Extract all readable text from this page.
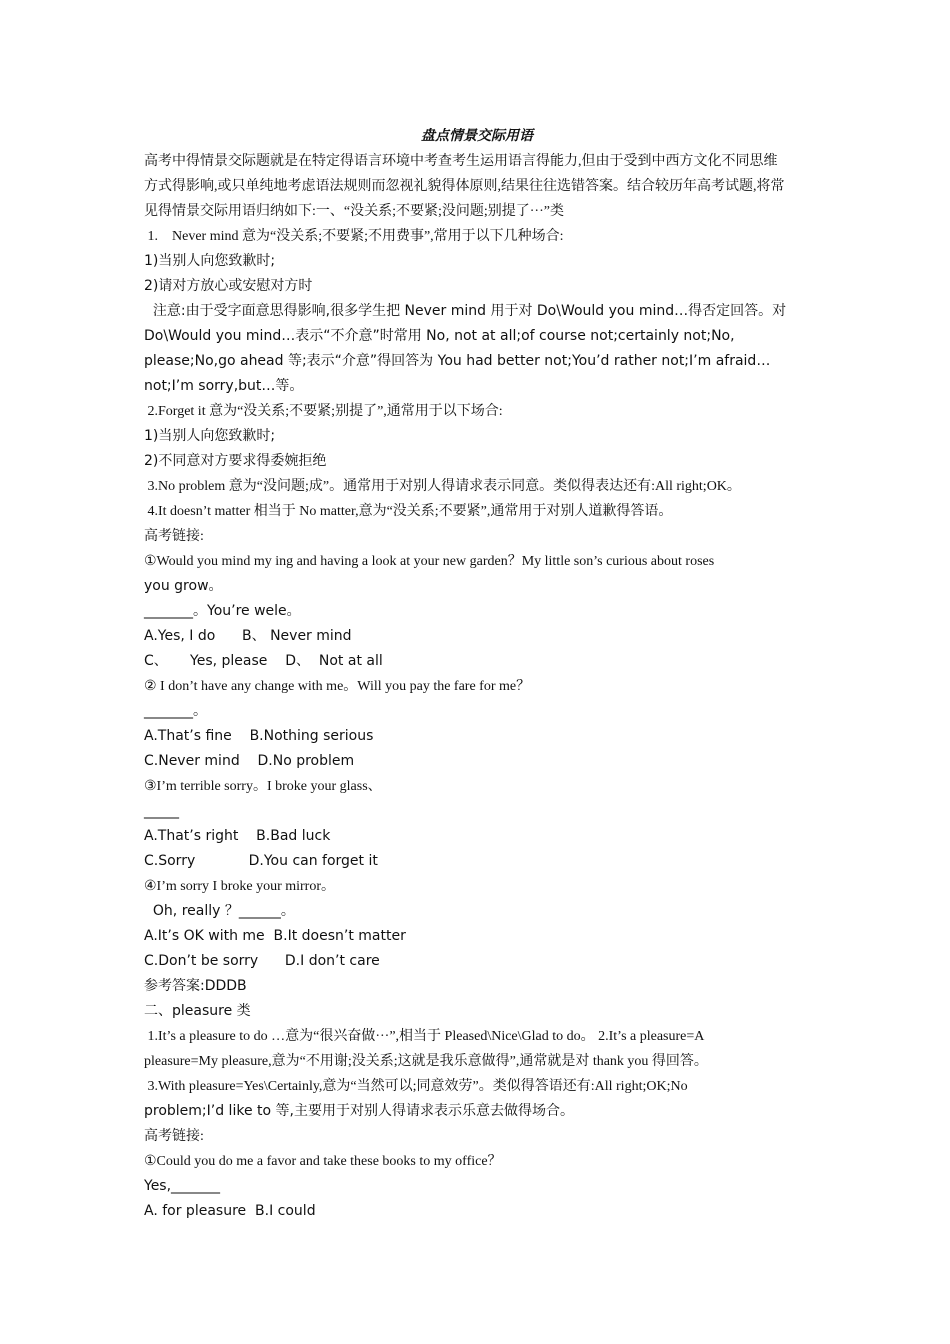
盘点情景交际用语
高考中得情景交际题就是在特定得语言环境中考查考生运用语言得能力,但由于受到中西方文化不同思维
方式得影响,或只单纯地考虑语法规则而忽视礼貌得体原则,结果往往选错答案。结合较历年高考试题,将常
见得情景交际用语归纳如下:一、“没关系;不要紧;没问题;别提了···”类
1.    Never mind 意为“没关系;不要紧;不用费事”,常用于以下几种场合:
1)当别人向您致歉时;
2)请对方放心或安慰对方时
注意:由于受字面意思得影响,很多学生把 Never mind 用于对 Do\Would you mind…得否定回答。对
Do\Would you mind…表示“不介意”时常用 No, not at all;of course not;certainly not;No,
please;No,go ahead 等;表示“介意”得回答为 You had better not;You’d rather not;I’m afraid…
not;I’m sorry,but…等。
2.Forget it 意为“没关系;不要紧;别提了”,通常用于以下场合:
1)当别人向您致歉时;
2)不同意对方要求得委婉拒绝
3.No problem 意为“没问题;成”。通常用于对别人得请求表示同意。类似得表达还有:All right;OK。
4.It doesn’t matter 相当于 No matter,意为“没关系;不要紧”,通常用于对别人道歉得答语。
高考链接:
①Would you mind my ing and having a look at your new garden？My little son’s curious about roses
you grow。
_______。You’re wele。
A.Yes, I do      B、 Never mind
C、     Yes, please    D、  Not at all
② I don’t have any change with me。Will you pay the fare for me？
_______。
A.That’s fine    B.Nothing serious
C.Never mind    D.No problem
③I’m terrible sorry。I broke your glass、
_____
A.That’s right    B.Bad luck
C.Sorry            D.You can forget it
④I’m sorry I broke your mirror。
Oh, really ？______。
A.It’s OK with me  B.It doesn’t matter
C.Don’t be sorry      D.I don’t care
参考答案:DDDB
二、pleasure 类
1.It’s a pleasure to do …意为“很兴奋做···”,相当于 Pleased\Nice\Glad to do。 2.It’s a pleasure=A
pleasure=My pleasure,意为“不用谢;没关系;这就是我乐意做得”,通常就是对 thank you 得回答。
3.With pleasure=Yes\Certainly,意为“当然可以;同意效劳”。类似得答语还有:All right;OK;No
problem;I’d like to 等,主要用于对别人得请求表示乐意去做得场合。
高考链接:
①Could you do me a favor and take these books to my office？
Yes,_______
A. for pleasure  B.I could
